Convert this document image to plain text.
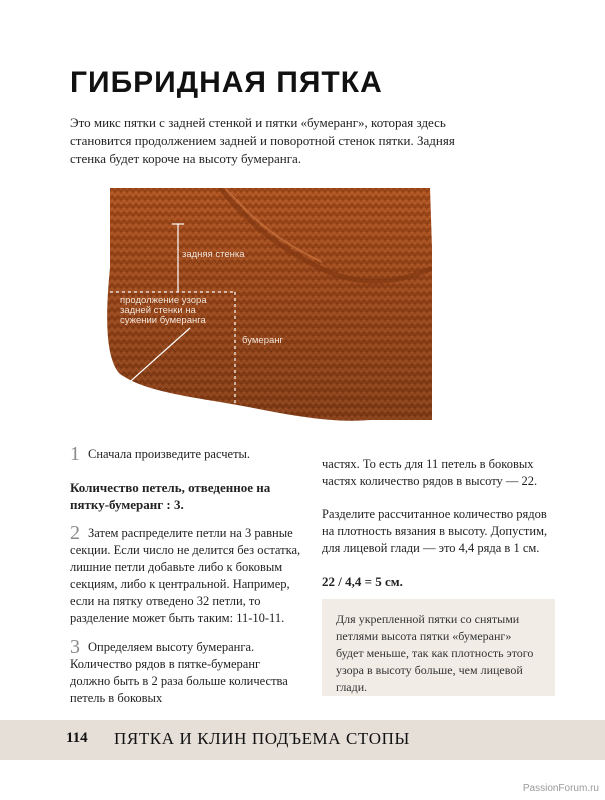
ГИБРИДНАЯ ПЯТКА

Это микс пятки с задней стенкой и пятки «бумеранг», которая здесь становится продолжением задней и поворотной стенок пятки. Задняя стенка будет короче на высоту бумеранга.

задняя стенка
бумеранг
продолжение узора задней стенки на сужении бумеранга

1 Сначала произведите расчеты.

Количество петель, отведенное на пятку-бумеранг : 3.

2 Затем распределите петли на 3 равные секции. Если число не делится без остатка, лишние петли добавьте либо к боковым секциям, либо к центральной. Например, если на пятку отведено 32 петли, то разделение может быть таким: 11-10-11.

3 Определяем высоту бумеранга. Количество рядов в пятке-бумеранг должно быть в 2 раза больше количества петель в боковых

частях. То есть для 11 петель в боковых частях количество рядов в высоту — 22.

Разделите рассчитанное количество рядов на плотность вязания в высоту. Допустим, для лицевой глади — это 4,4 ряда в 1 см.

22 / 4,4 = 5 см.

Для укрепленной пятки со снятыми петлями высота пятки «бумеранг» будет меньше, так как плотность этого узора в высоту больше, чем лицевой глади.

114 ПЯТКА И КЛИН ПОДЪЕМА СТОПЫ
PassionForum.ru
